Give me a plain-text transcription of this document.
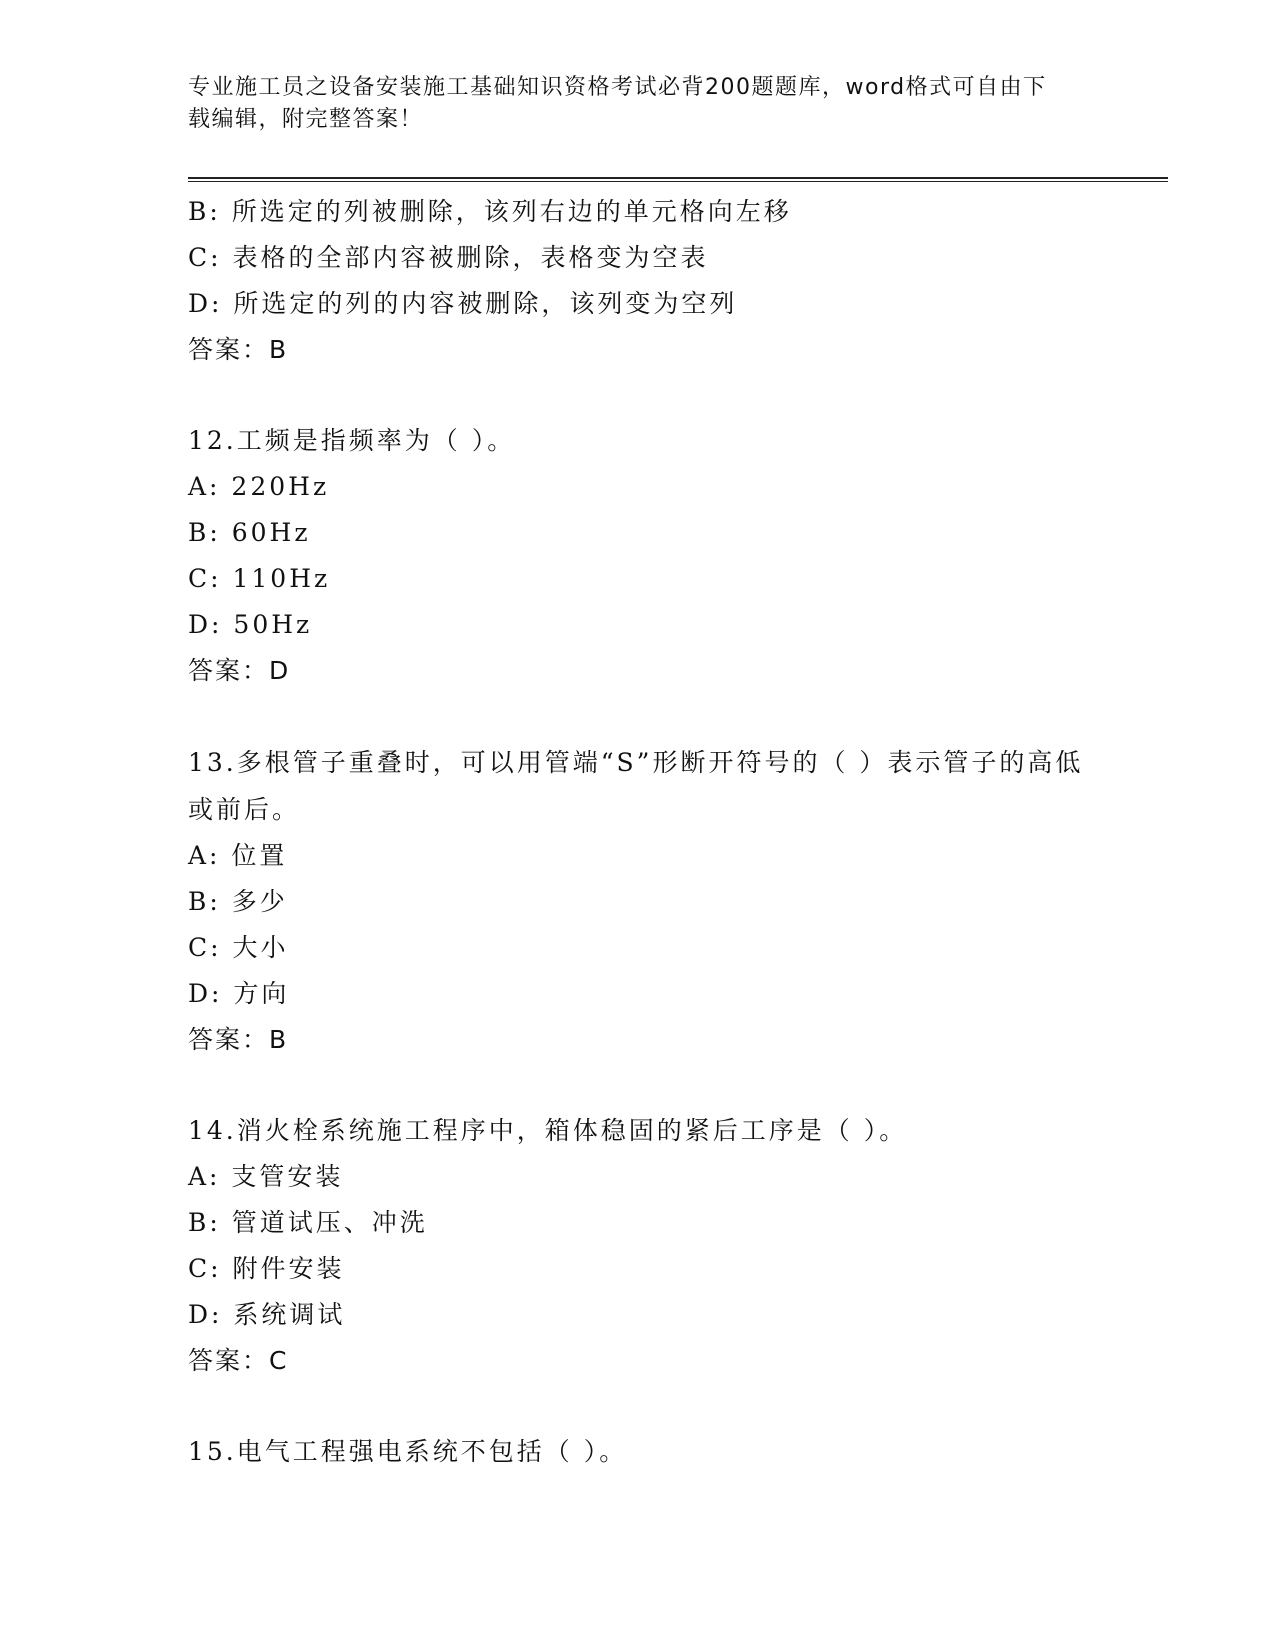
专业施工员之设备安装施工基础知识资格考试必背200题题库，word格式可自由下载编辑，附完整答案！
B: 所选定的列被删除，该列右边的单元格向左移
C: 表格的全部内容被删除，表格变为空表
D: 所选定的列的内容被删除，该列变为空列
答案：B
12.工频是指频率为（ ）。
A: 220Hz
B: 60Hz
C: 110Hz
D: 50Hz
答案：D
13.多根管子重叠时，可以用管端“S”形断开符号的（ ）表示管子的高低或前后。
A: 位置
B: 多少
C: 大小
D: 方向
答案：B
14.消火栓系统施工程序中，箱体稳固的紧后工序是（ ）。
A: 支管安装
B: 管道试压、冲洗
C: 附件安装
D: 系统调试
答案：C
15.电气工程强电系统不包括（ ）。
